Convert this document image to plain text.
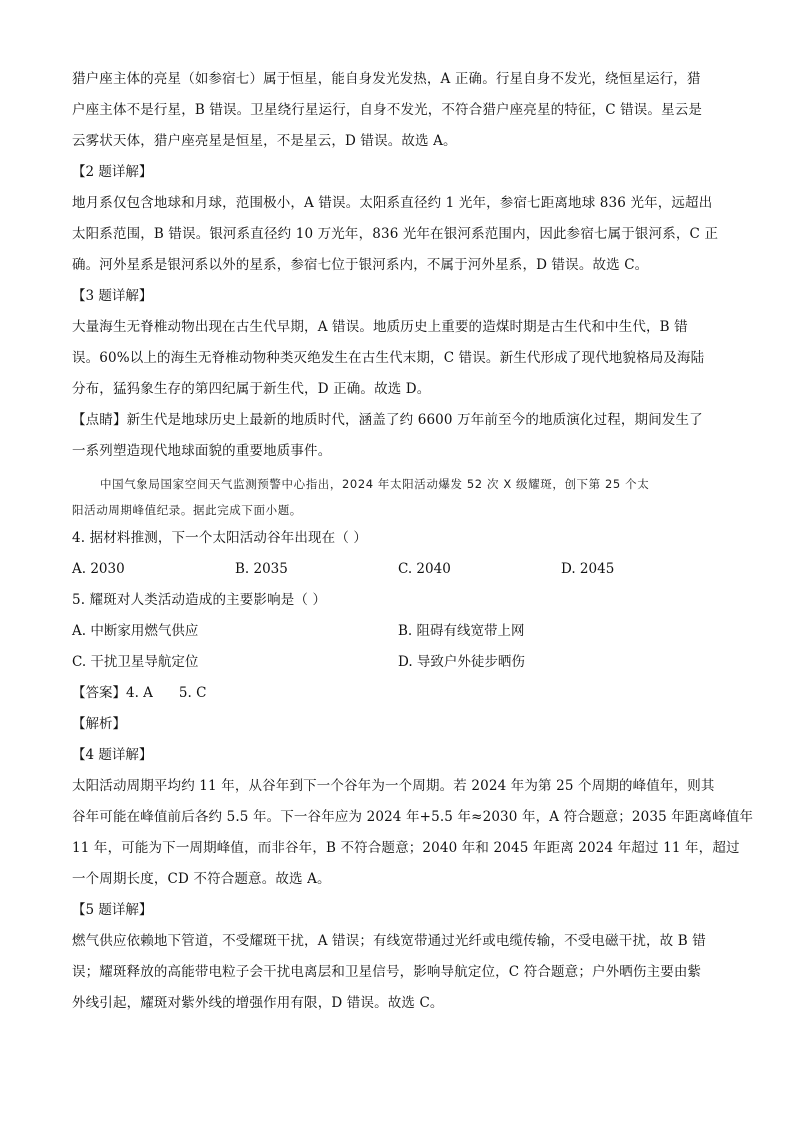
猎户座主体的亮星（如参宿七）属于恒星，能自身发光发热，A 正确。行星自身不发光，绕恒星运行，猎
户座主体不是行星，B 错误。卫星绕行星运行，自身不发光，不符合猎户座亮星的特征，C 错误。星云是
云雾状天体，猎户座亮星是恒星，不是星云，D 错误。故选 A。
【2 题详解】
地月系仅包含地球和月球，范围极小，A 错误。太阳系直径约 1 光年，参宿七距离地球 836 光年，远超出
太阳系范围，B 错误。银河系直径约 10 万光年，836 光年在银河系范围内，因此参宿七属于银河系，C 正
确。河外星系是银河系以外的星系，参宿七位于银河系内，不属于河外星系，D 错误。故选 C。
【3 题详解】
大量海生无脊椎动物出现在古生代早期，A 错误。地质历史上重要的造煤时期是古生代和中生代，B 错
误。60%以上的海生无脊椎动物种类灭绝发生在古生代末期，C 错误。新生代形成了现代地貌格局及海陆
分布，猛犸象生存的第四纪属于新生代，D 正确。故选 D。
【点睛】新生代是地球历史上最新的地质时代，涵盖了约 6600 万年前至今的地质演化过程，期间发生了
一系列塑造现代地球面貌的重要地质事件。
中国气象局国家空间天气监测预警中心指出，2024 年太阳活动爆发 52 次 X 级耀斑，创下第 25 个太
阳活动周期峰值纪录。据此完成下面小题。
4. 据材料推测，下一个太阳活动谷年出现在（ ）
A. 2030	B. 2035	C. 2040	D. 2045
5. 耀斑对人类活动造成的主要影响是（ ）
A. 中断家用燃气供应	B. 阻碍有线宽带上网
C. 干扰卫星导航定位	D. 导致户外徒步晒伤
【答案】4. A 5. C
【解析】
【4 题详解】
太阳活动周期平均约 11 年，从谷年到下一个谷年为一个周期。若 2024 年为第 25 个周期的峰值年，则其
谷年可能在峰值前后各约 5.5 年。下一谷年应为 2024 年+5.5 年≈2030 年，A 符合题意；2035 年距离峰值年
11 年，可能为下一周期峰值，而非谷年，B 不符合题意；2040 年和 2045 年距离 2024 年超过 11 年，超过
一个周期长度，CD 不符合题意。故选 A。
【5 题详解】
燃气供应依赖地下管道，不受耀斑干扰，A 错误；有线宽带通过光纤或电缆传输，不受电磁干扰，故 B 错
误；耀斑释放的高能带电粒子会干扰电离层和卫星信号，影响导航定位，C 符合题意；户外晒伤主要由紫
外线引起，耀斑对紫外线的增强作用有限，D 错误。故选 C。
